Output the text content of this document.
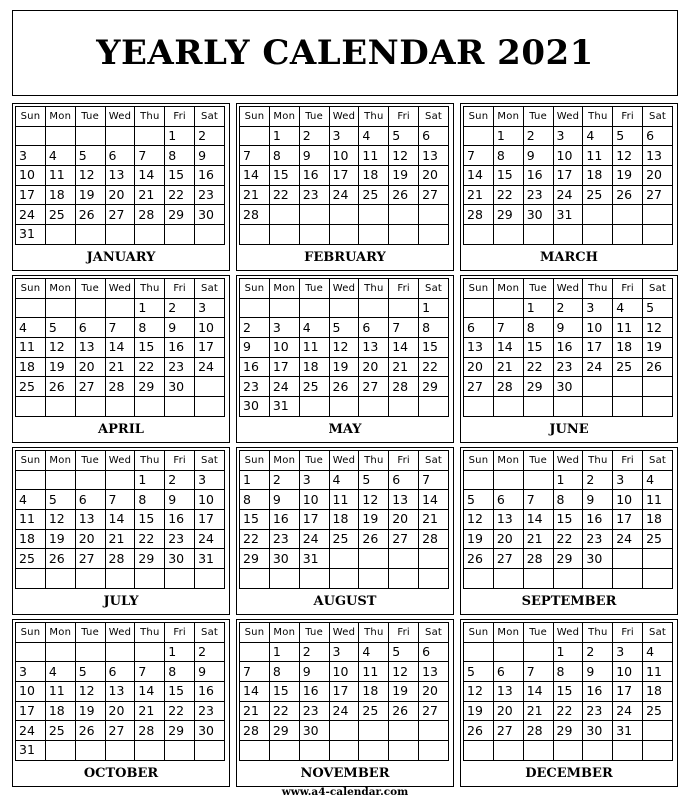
YEARLY CALENDAR 2021
Sun	Mon	Tue	Wed	Thu	Fri	Sat
					1	2
3	4	5	6	7	8	9
10	11	12	13	14	15	16
17	18	19	20	21	22	23
24	25	26	27	28	29	30
31						
JANUARY
Sun	Mon	Tue	Wed	Thu	Fri	Sat
	1	2	3	4	5	6
7	8	9	10	11	12	13
14	15	16	17	18	19	20
21	22	23	24	25	26	27
28						

FEBRUARY
Sun	Mon	Tue	Wed	Thu	Fri	Sat
	1	2	3	4	5	6
7	8	9	10	11	12	13
14	15	16	17	18	19	20
21	22	23	24	25	26	27
28	29	30	31			

MARCH
Sun	Mon	Tue	Wed	Thu	Fri	Sat
				1	2	3
4	5	6	7	8	9	10
11	12	13	14	15	16	17
18	19	20	21	22	23	24
25	26	27	28	29	30	

APRIL
Sun	Mon	Tue	Wed	Thu	Fri	Sat
						1
2	3	4	5	6	7	8
9	10	11	12	13	14	15
16	17	18	19	20	21	22
23	24	25	26	27	28	29
30	31					
MAY
Sun	Mon	Tue	Wed	Thu	Fri	Sat
		1	2	3	4	5
6	7	8	9	10	11	12
13	14	15	16	17	18	19
20	21	22	23	24	25	26
27	28	29	30			

JUNE
Sun	Mon	Tue	Wed	Thu	Fri	Sat
				1	2	3
4	5	6	7	8	9	10
11	12	13	14	15	16	17
18	19	20	21	22	23	24
25	26	27	28	29	30	31

JULY
Sun	Mon	Tue	Wed	Thu	Fri	Sat
1	2	3	4	5	6	7
8	9	10	11	12	13	14
15	16	17	18	19	20	21
22	23	24	25	26	27	28
29	30	31				

AUGUST
Sun	Mon	Tue	Wed	Thu	Fri	Sat
			1	2	3	4
5	6	7	8	9	10	11
12	13	14	15	16	17	18
19	20	21	22	23	24	25
26	27	28	29	30		

SEPTEMBER
Sun	Mon	Tue	Wed	Thu	Fri	Sat
					1	2
3	4	5	6	7	8	9
10	11	12	13	14	15	16
17	18	19	20	21	22	23
24	25	26	27	28	29	30
31						
OCTOBER
Sun	Mon	Tue	Wed	Thu	Fri	Sat
	1	2	3	4	5	6
7	8	9	10	11	12	13
14	15	16	17	18	19	20
21	22	23	24	25	26	27
28	29	30				

NOVEMBER
Sun	Mon	Tue	Wed	Thu	Fri	Sat
			1	2	3	4
5	6	7	8	9	10	11
12	13	14	15	16	17	18
19	20	21	22	23	24	25
26	27	28	29	30	31	

DECEMBER
www.a4-calendar.com
